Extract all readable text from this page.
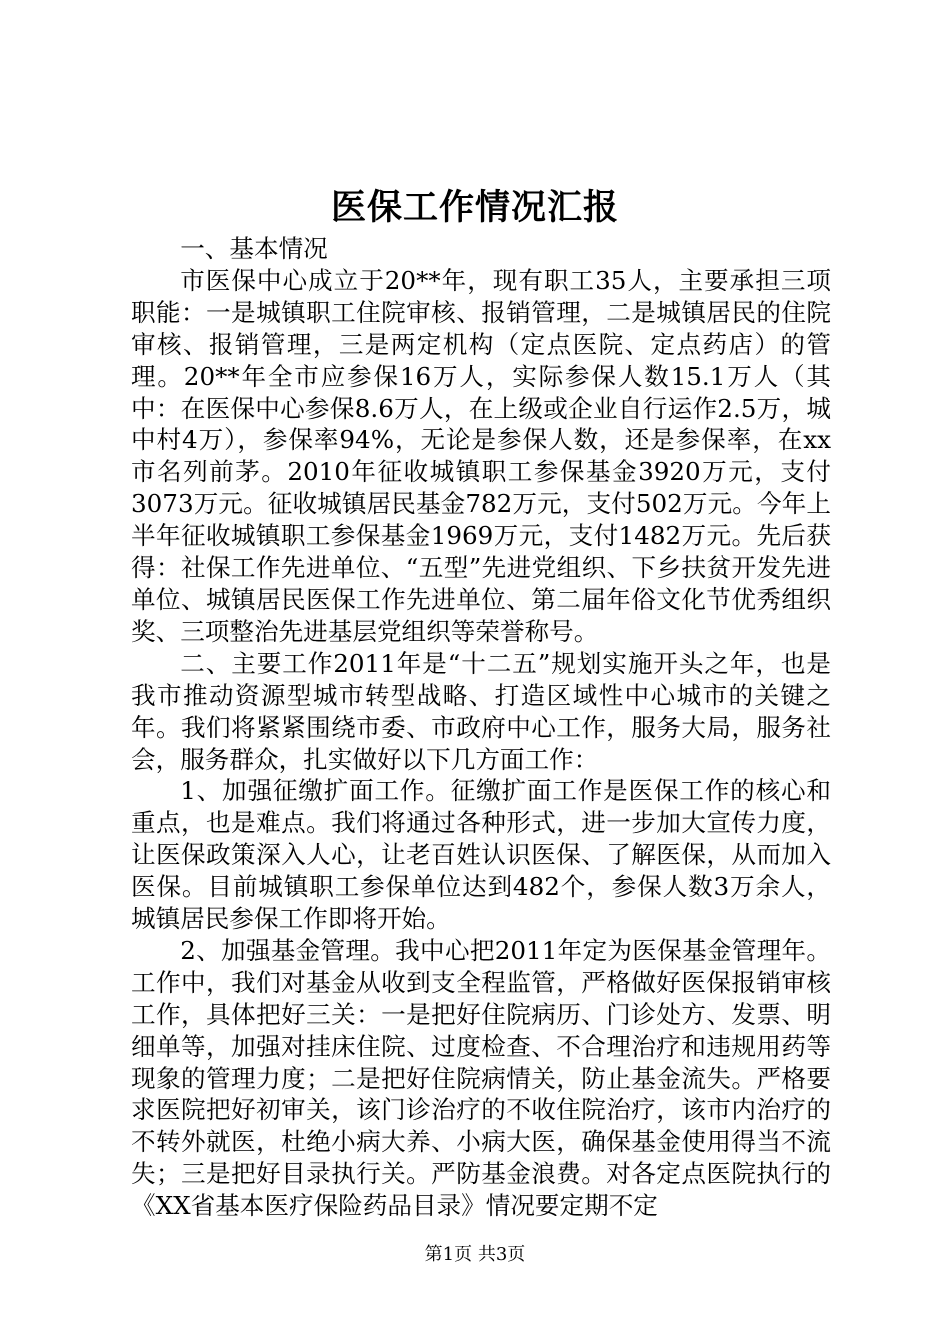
医保工作情况汇报

一、基本情况

市医保中心成立于20**年，现有职工35人，主要承担三项职能：一是城镇职工住院审核、报销管理，二是城镇居民的住院审核、报销管理，三是两定机构（定点医院、定点药店）的管理。20**年全市应参保16万人，实际参保人数15.1万人（其中：在医保中心参保8.6万人，在上级或企业自行运作2.5万，城中村4万），参保率94%，无论是参保人数，还是参保率，在xx市名列前茅。2010年征收城镇职工参保基金3920万元，支付3073万元。征收城镇居民基金782万元，支付502万元。今年上半年征收城镇职工参保基金1969万元，支付1482万元。先后获得：社保工作先进单位、“五型”先进党组织、下乡扶贫开发先进单位、城镇居民医保工作先进单位、第二届年俗文化节优秀组织奖、三项整治先进基层党组织等荣誉称号。

二、主要工作2011年是“十二五”规划实施开头之年，也是我市推动资源型城市转型战略、打造区域性中心城市的关键之年。我们将紧紧围绕市委、市政府中心工作，服务大局，服务社会，服务群众，扎实做好以下几方面工作：

1、加强征缴扩面工作。征缴扩面工作是医保工作的核心和重点，也是难点。我们将通过各种形式，进一步加大宣传力度，让医保政策深入人心，让老百姓认识医保、了解医保，从而加入医保。目前城镇职工参保单位达到482个，参保人数3万余人，城镇居民参保工作即将开始。

2、加强基金管理。我中心把2011年定为医保基金管理年。工作中，我们对基金从收到支全程监管，严格做好医保报销审核工作，具体把好三关：一是把好住院病历、门诊处方、发票、明细单等，加强对挂床住院、过度检查、不合理治疗和违规用药等现象的管理力度；二是把好住院病情关，防止基金流失。严格要求医院把好初审关，该门诊治疗的不收住院治疗，该市内治疗的不转外就医，杜绝小病大养、小病大医，确保基金使用得当不流失；三是把好目录执行关。严防基金浪费。对各定点医院执行的《XX省基本医疗保险药品目录》情况要定期不定

第1页 共3页
